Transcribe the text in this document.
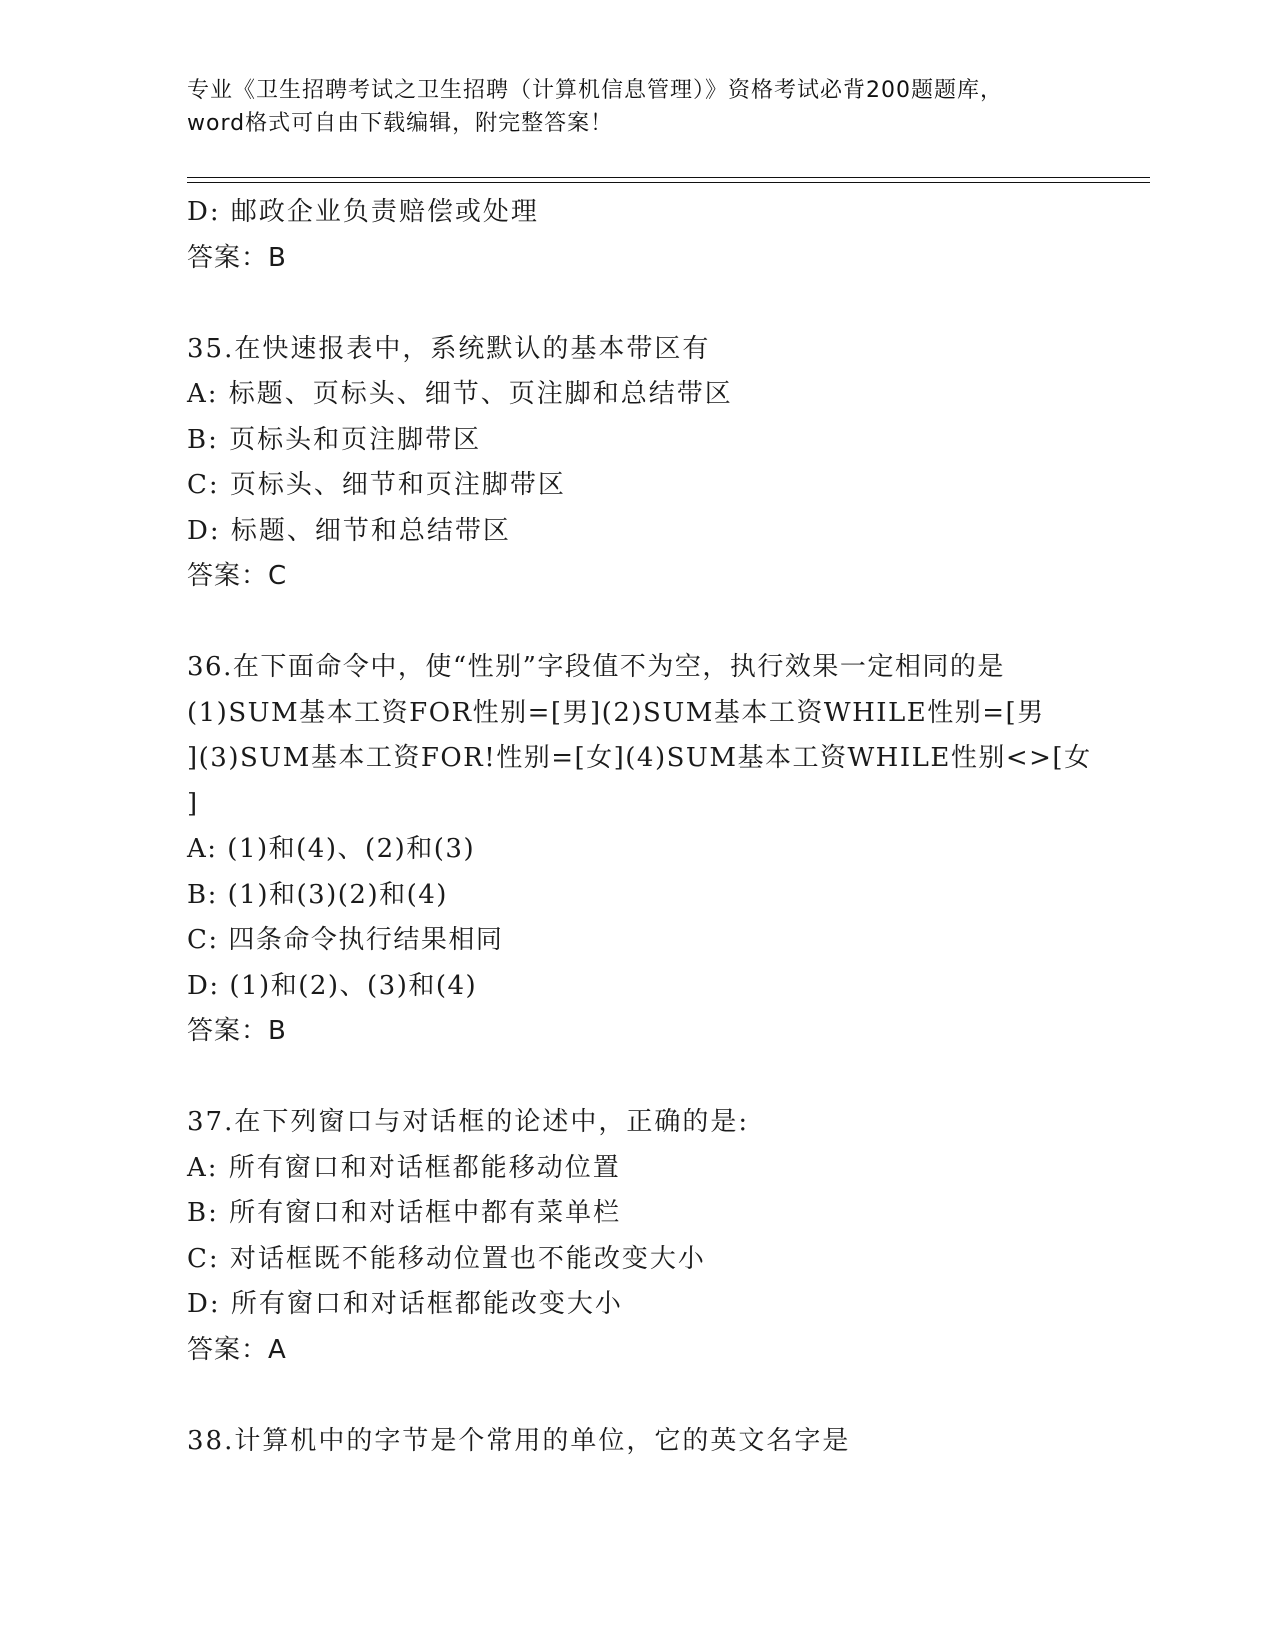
专业《卫生招聘考试之卫生招聘（计算机信息管理）》资格考试必背200题题库，
word格式可自由下载编辑，附完整答案！
D: 邮政企业负责赔偿或处理
答案：B
35.在快速报表中，系统默认的基本带区有
A: 标题、页标头、细节、页注脚和总结带区
B: 页标头和页注脚带区
C: 页标头、细节和页注脚带区
D: 标题、细节和总结带区
答案：C
36.在下面命令中，使“性别”字段值不为空，执行效果一定相同的是
(1)SUM基本工资FOR性别=[男](2)SUM基本工资WHILE性别=[男
](3)SUM基本工资FOR!性别=[女](4)SUM基本工资WHILE性别<>[女
]
A: (1)和(4)、(2)和(3)
B: (1)和(3)(2)和(4)
C: 四条命令执行结果相同
D: (1)和(2)、(3)和(4)
答案：B
37.在下列窗口与对话框的论述中，正确的是:
A: 所有窗口和对话框都能移动位置
B: 所有窗口和对话框中都有菜单栏
C: 对话框既不能移动位置也不能改变大小
D: 所有窗口和对话框都能改变大小
答案：A
38.计算机中的字节是个常用的单位，它的英文名字是
